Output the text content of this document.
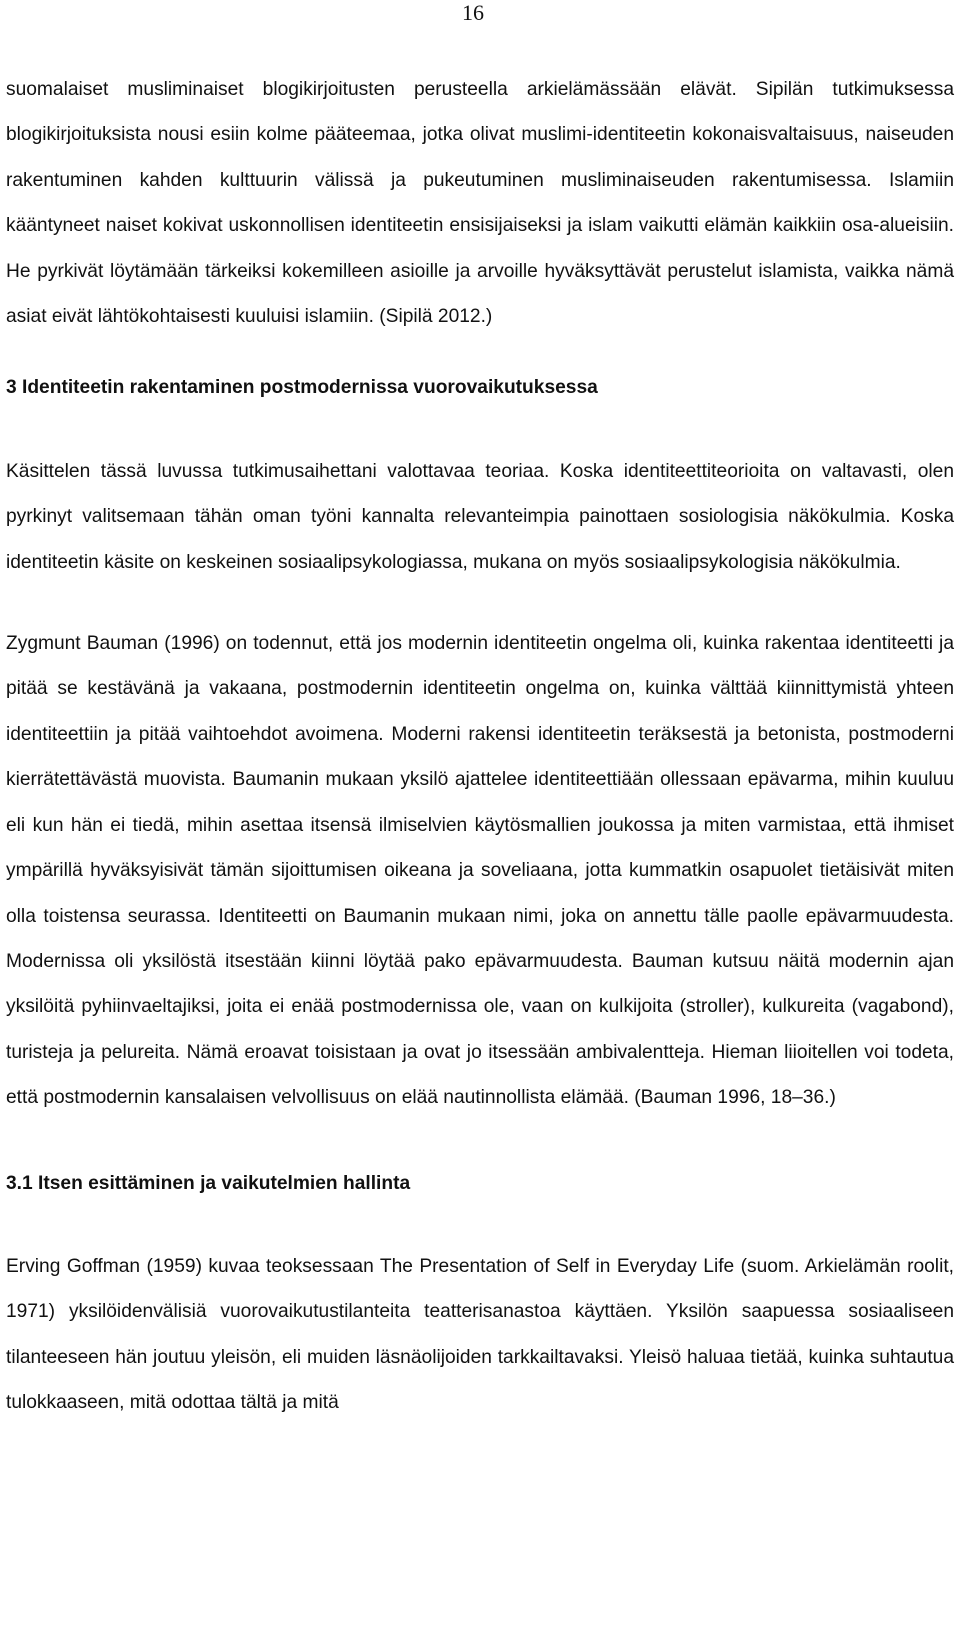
16

suomalaiset musliminaiset blogikirjoitusten perusteella arkielämässään elävät. Sipilän tutkimuksessa blogikirjoituksista nousi esiin kolme pääteemaa, jotka olivat muslimi-identiteetin kokonaisvaltaisuus, naiseuden rakentuminen kahden kulttuurin välissä ja pukeutuminen musliminaiseuden rakentumisessa. Islamiin kääntyneet naiset kokivat uskonnollisen identiteetin ensisijaiseksi ja islam vaikutti elämän kaikkiin osa-alueisiin. He pyrkivät löytämään tärkeiksi kokemilleen asioille ja arvoille hyväksyttävät perustelut islamista, vaikka nämä asiat eivät lähtökohtaisesti kuuluisi islamiin. (Sipilä 2012.)

3 Identiteetin rakentaminen postmodernissa vuorovaikutuksessa

Käsittelen tässä luvussa tutkimusaihettani valottavaa teoriaa. Koska identiteettiteorioita on valtavasti, olen pyrkinyt valitsemaan tähän oman työni kannalta relevanteimpia painottaen sosiologisia näkökulmia. Koska identiteetin käsite on keskeinen sosiaalipsykologiassa, mukana on myös sosiaalipsykologisia näkökulmia.

Zygmunt Bauman (1996) on todennut, että jos modernin identiteetin ongelma oli, kuinka rakentaa identiteetti ja pitää se kestävänä ja vakaana, postmodernin identiteetin ongelma on, kuinka välttää kiinnittymistä yhteen identiteettiin ja pitää vaihtoehdot avoimena. Moderni rakensi identiteetin teräksestä ja betonista, postmoderni kierrätettävästä muovista. Baumanin mukaan yksilö ajattelee identiteettiään ollessaan epävarma, mihin kuuluu eli kun hän ei tiedä, mihin asettaa itsensä ilmiselvien käytösmallien joukossa ja miten varmistaa, että ihmiset ympärillä hyväksyisivät tämän sijoittumisen oikeana ja soveliaana, jotta kummatkin osapuolet tietäisivät miten olla toistensa seurassa. Identiteetti on Baumanin mukaan nimi, joka on annettu tälle paolle epävarmuudesta. Modernissa oli yksilöstä itsestään kiinni löytää pako epävarmuudesta. Bauman kutsuu näitä modernin ajan yksilöitä pyhiinvaeltajiksi, joita ei enää postmodernissa ole, vaan on kulkijoita (stroller), kulkureita (vagabond), turisteja ja pelureita. Nämä eroavat toisistaan ja ovat jo itsessään ambivalentteja. Hieman liioitellen voi todeta, että postmodernin kansalaisen velvollisuus on elää nautinnollista elämää. (Bauman 1996, 18–36.)

3.1 Itsen esittäminen ja vaikutelmien hallinta

Erving Goffman (1959) kuvaa teoksessaan The Presentation of Self in Everyday Life (suom. Arkielämän roolit, 1971) yksilöidenvälisiä vuorovaikutustilanteita teatterisanastoa käyttäen. Yksilön saapuessa sosiaaliseen tilanteeseen hän joutuu yleisön, eli muiden läsnäolijoiden tarkkailtavaksi. Yleisö haluaa tietää, kuinka suhtautua tulokkaaseen, mitä odottaa tältä ja mitä
